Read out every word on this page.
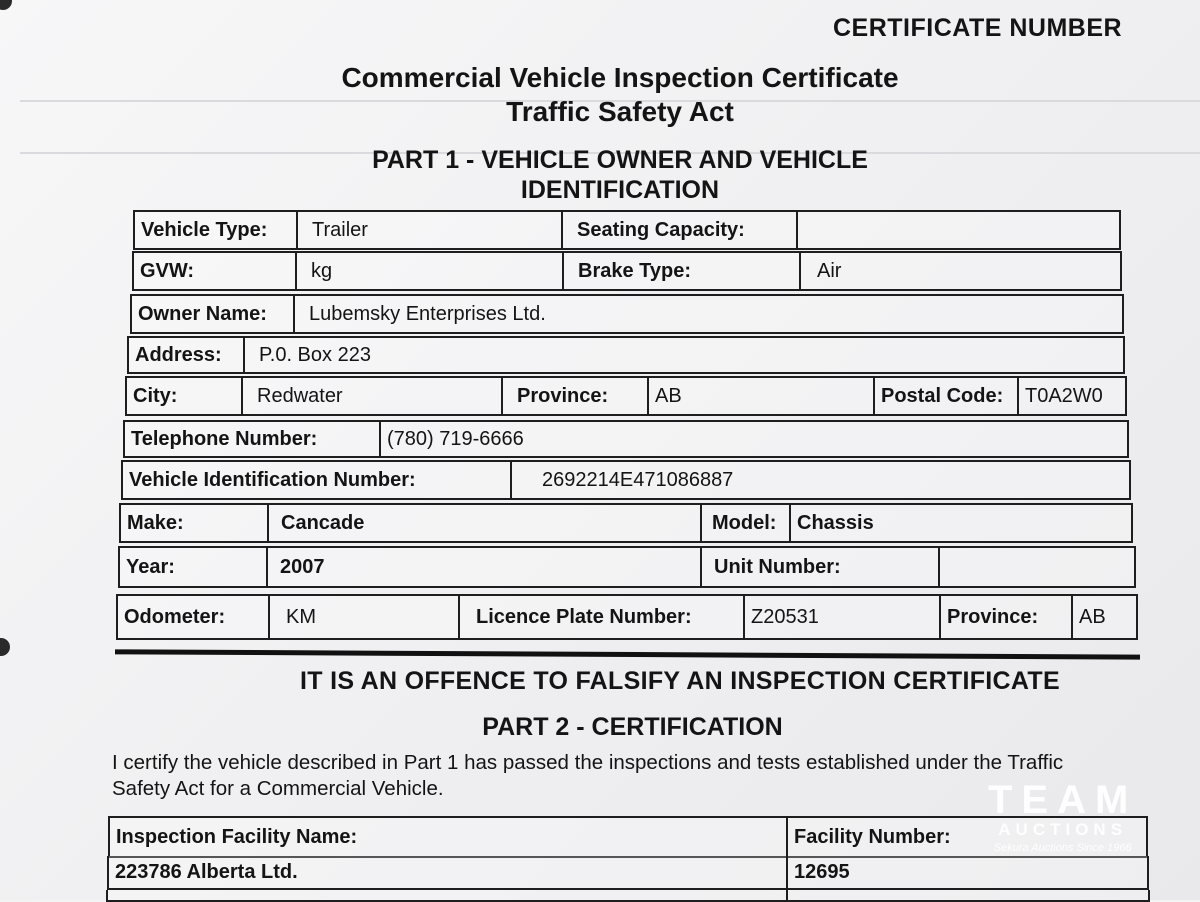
CERTIFICATE NUMBER
Commercial Vehicle Inspection Certificate
Traffic Safety Act
PART 1 - VEHICLE OWNER AND VEHICLE
IDENTIFICATION
Vehicle Type:	Trailer	Seating Capacity:
GVW:	kg	Brake Type:	Air
Owner Name:	Lubemsky Enterprises Ltd.
Address:	P.0. Box 223
City:	Redwater	Province:	AB	Postal Code:	T0A2W0
Telephone Number:	(780) 719-6666
Vehicle Identification Number:	2692214E471086887
Make:	Cancade	Model:	Chassis
Year:	2007	Unit Number:
Odometer:	KM	Licence Plate Number:	Z20531	Province:	AB
IT IS AN OFFENCE TO FALSIFY AN INSPECTION CERTIFICATE
PART 2 - CERTIFICATION
I certify the vehicle described in Part 1 has passed the inspections and tests established under the Traffic
Safety Act for a Commercial Vehicle.
Inspection Facility Name:	Facility Number:
223786 Alberta Ltd.	12695
TEAM
AUCTIONS
Sekura Auctions Since 1966
